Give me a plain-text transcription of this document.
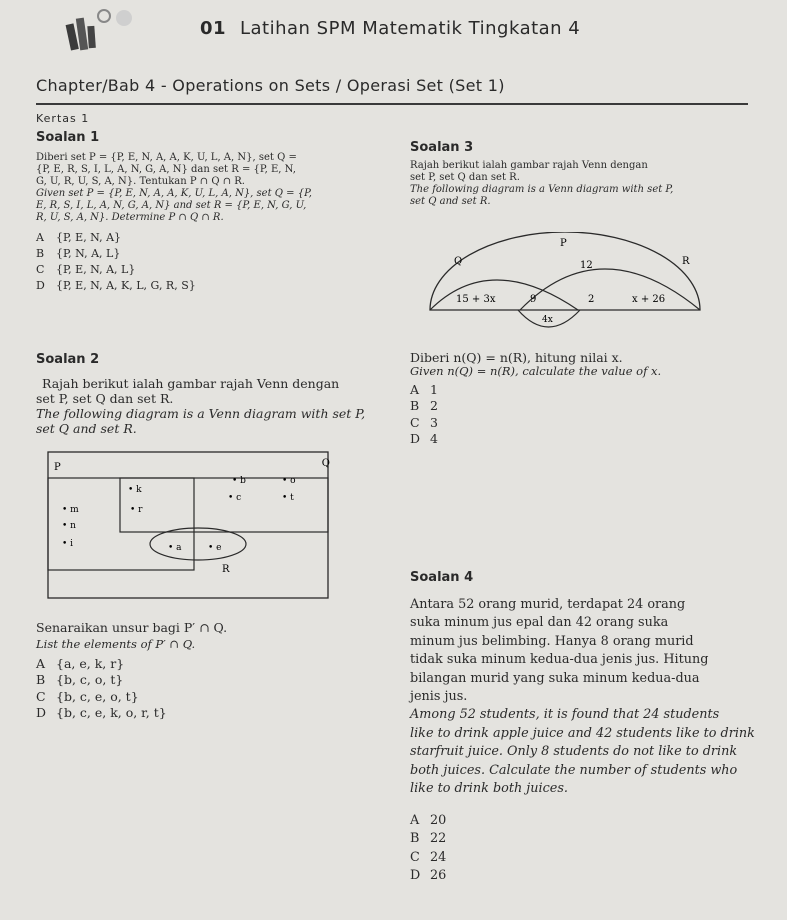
01 Latihan SPM Matematik Tingkatan 4
Chapter/Bab 4 - Operations on Sets / Operasi Set (Set 1)
Kertas 1
Soalan 1
Diberi set P = {P, E, N, A, A, K, U, L, A, N}, set Q =
{P, E, R, S, I, L, A, N, G, A, N} dan set R = {P, E, N,
G, U, R, U, S, A, N}. Tentukan P ∩ Q ∩ R.
Given set P = {P, E, N, A, A, K, U, L, A, N}, set Q = {P,
E, R, S, I, L, A, N, G, A, N} and set R = {P, E, N, G, U,
R, U, S, A, N}. Determine P ∩ Q ∩ R.
A {P, E, N, A}
B {P, N, A, L}
C {P, E, N, A, L}
D {P, E, N, A, K, L, G, R, S}
Soalan 3
Rajah berikut ialah gambar rajah Venn dengan
set P, set Q dan set R.
The following diagram is a Venn diagram with set P,
set Q and set R.
P
Q	R
12
15 + 3x	9	2	x + 26
4x
Diberi n(Q) = n(R), hitung nilai x.
Given n(Q) = n(R), calculate the value of x.
A 1
B 2
C 3
D 4
Soalan 2
Rajah berikut ialah gambar rajah Venn dengan
set P, set Q dan set R.
The following diagram is a Venn diagram with set P,
set Q and set R.
P	Q
R
• b	• o
• k
• c	• t
• m	• r
• n
• i	• a	• e
Senaraikan unsur bagi P′ ∩ Q.
List the elements of P′ ∩ Q.
A {a, e, k, r}
B {b, c, o, t}
C {b, c, e, o, t}
D {b, c, e, k, o, r, t}
Soalan 4
Antara 52 orang murid, terdapat 24 orang
suka minum jus epal dan 42 orang suka
minum jus belimbing. Hanya 8 orang murid
tidak suka minum kedua-dua jenis jus. Hitung
bilangan murid yang suka minum kedua-dua
jenis jus.
Among 52 students, it is found that 24 students
like to drink apple juice and 42 students like to drink
starfruit juice. Only 8 students do not like to drink
both juices. Calculate the number of students who
like to drink both juices.
A 20
B 22
C 24
D 26
